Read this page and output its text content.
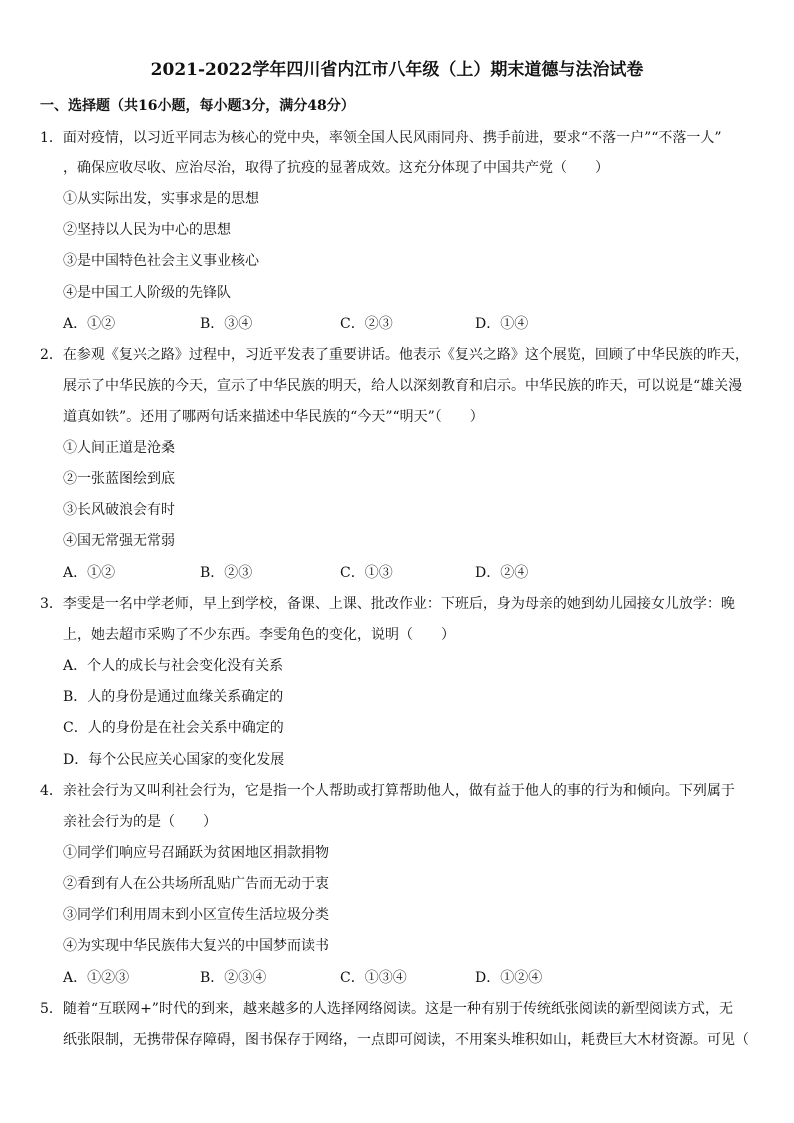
2021-2022学年四川省内江市八年级（上）期末道德与法治试卷
一、选择题（共16小题，每小题3分，满分48分）
1．面对疫情，以习近平同志为核心的党中央，率领全国人民风雨同舟、携手前进，要求“不落一户”“不落一人”
，确保应收尽收、应治尽治，取得了抗疫的显著成效。这充分体现了中国共产党（　　）
①从实际出发，实事求是的思想
②坚持以人民为中心的思想
③是中国特色社会主义事业核心
④是中国工人阶级的先锋队
A．①②	B．③④	C．②③	D．①④
2．在参观《复兴之路》过程中，习近平发表了重要讲话。他表示《复兴之路》这个展览，回顾了中华民族的昨天，
展示了中华民族的今天，宣示了中华民族的明天，给人以深刻教育和启示。中华民族的昨天，可以说是“雄关漫
道真如铁”。还用了哪两句话来描述中华民族的“今天”“明天”（　　）
①人间正道是沧桑
②一张蓝图绘到底
③长风破浪会有时
④国无常强无常弱
A．①②	B．②③	C．①③	D．②④
3．李雯是一名中学老师，早上到学校，备课、上课、批改作业：下班后，身为母亲的她到幼儿园接女儿放学：晚
上，她去超市采购了不少东西。李雯角色的变化，说明（　　）
A．个人的成长与社会变化没有关系
B．人的身份是通过血缘关系确定的
C．人的身份是在社会关系中确定的
D．每个公民应关心国家的变化发展
4．亲社会行为又叫利社会行为，它是指一个人帮助或打算帮助他人，做有益于他人的事的行为和倾向。下列属于
亲社会行为的是（　　）
①同学们响应号召踊跃为贫困地区捐款捐物
②看到有人在公共场所乱贴广告而无动于衷
③同学们利用周末到小区宣传生活垃圾分类
④为实现中华民族伟大复兴的中国梦而读书
A．①②③	B．②③④	C．①③④	D．①②④
5．随着“互联网+”时代的到来，越来越多的人选择网络阅读。这是一种有别于传统纸张阅读的新型阅读方式，无
纸张限制，无携带保存障碍，图书保存于网络，一点即可阅读，不用案头堆积如山，耗费巨大木材资源。可见（
